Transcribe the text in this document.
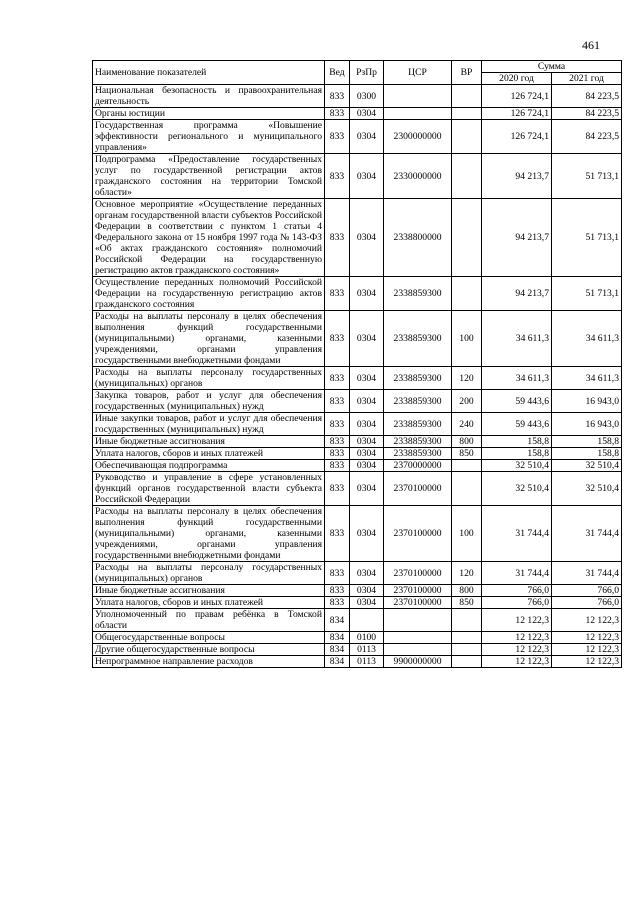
461
Наименование показателей	Вед	РзПр	ЦСР	ВР	Сумма	
					2020 год	2021 год
Национальная безопасность и правоохранительная деятельность	833	0300			126 724,1	84 223,5
Органы юстиции	833	0304			126 724,1	84 223,5
Государственная программа «Повышение эффективности регионального и муниципального управления»	833	0304	2300000000		126 724,1	84 223,5
Подпрограмма «Предоставление государственных услуг по государственной регистрации актов гражданского состояния на территории Томской области»	833	0304	2330000000		94 213,7	51 713,1
Основное мероприятие «Осуществление переданных органам государственной власти субъектов Российской Федерации в соответствии с пунктом 1 статьи 4 Федерального закона от 15 ноября 1997 года № 143-ФЗ «Об актах гражданского состояния» полномочий Российской Федерации на государственную регистрацию актов гражданского состояния»	833	0304	2338800000		94 213,7	51 713,1
Осуществление переданных полномочий Российской Федерации на государственную регистрацию актов гражданского состояния	833	0304	2338859300		94 213,7	51 713,1
Расходы на выплаты персоналу в целях обеспечения выполнения функций государственными (муниципальными) органами, казенными учреждениями, органами управления государственными внебюджетными фондами	833	0304	2338859300	100	34 611,3	34 611,3
Расходы на выплаты персоналу государственных (муниципальных) органов	833	0304	2338859300	120	34 611,3	34 611,3
Закупка товаров, работ и услуг для обеспечения государственных (муниципальных) нужд	833	0304	2338859300	200	59 443,6	16 943,0
Иные закупки товаров, работ и услуг для обеспечения государственных (муниципальных) нужд	833	0304	2338859300	240	59 443,6	16 943,0
Иные бюджетные ассигнования	833	0304	2338859300	800	158,8	158,8
Уплата налогов, сборов и иных платежей	833	0304	2338859300	850	158,8	158,8
Обеспечивающая подпрограмма	833	0304	2370000000		32 510,4	32 510,4
Руководство и управление в сфере установленных функций органов государственной власти субъекта Российской Федерации	833	0304	2370100000		32 510,4	32 510,4
Расходы на выплаты персоналу в целях обеспечения выполнения функций государственными (муниципальными) органами, казенными учреждениями, органами управления государственными внебюджетными фондами	833	0304	2370100000	100	31 744,4	31 744,4
Расходы на выплаты персоналу государственных (муниципальных) органов	833	0304	2370100000	120	31 744,4	31 744,4
Иные бюджетные ассигнования	833	0304	2370100000	800	766,0	766,0
Уплата налогов, сборов и иных платежей	833	0304	2370100000	850	766,0	766,0
Уполномоченный по правам ребёнка в Томской области	834				12 122,3	12 122,3
Общегосударственные вопросы	834	0100			12 122,3	12 122,3
Другие общегосударственные вопросы	834	0113			12 122,3	12 122,3
Непрограммное направление расходов	834	0113	9900000000		12 122,3	12 122,3
